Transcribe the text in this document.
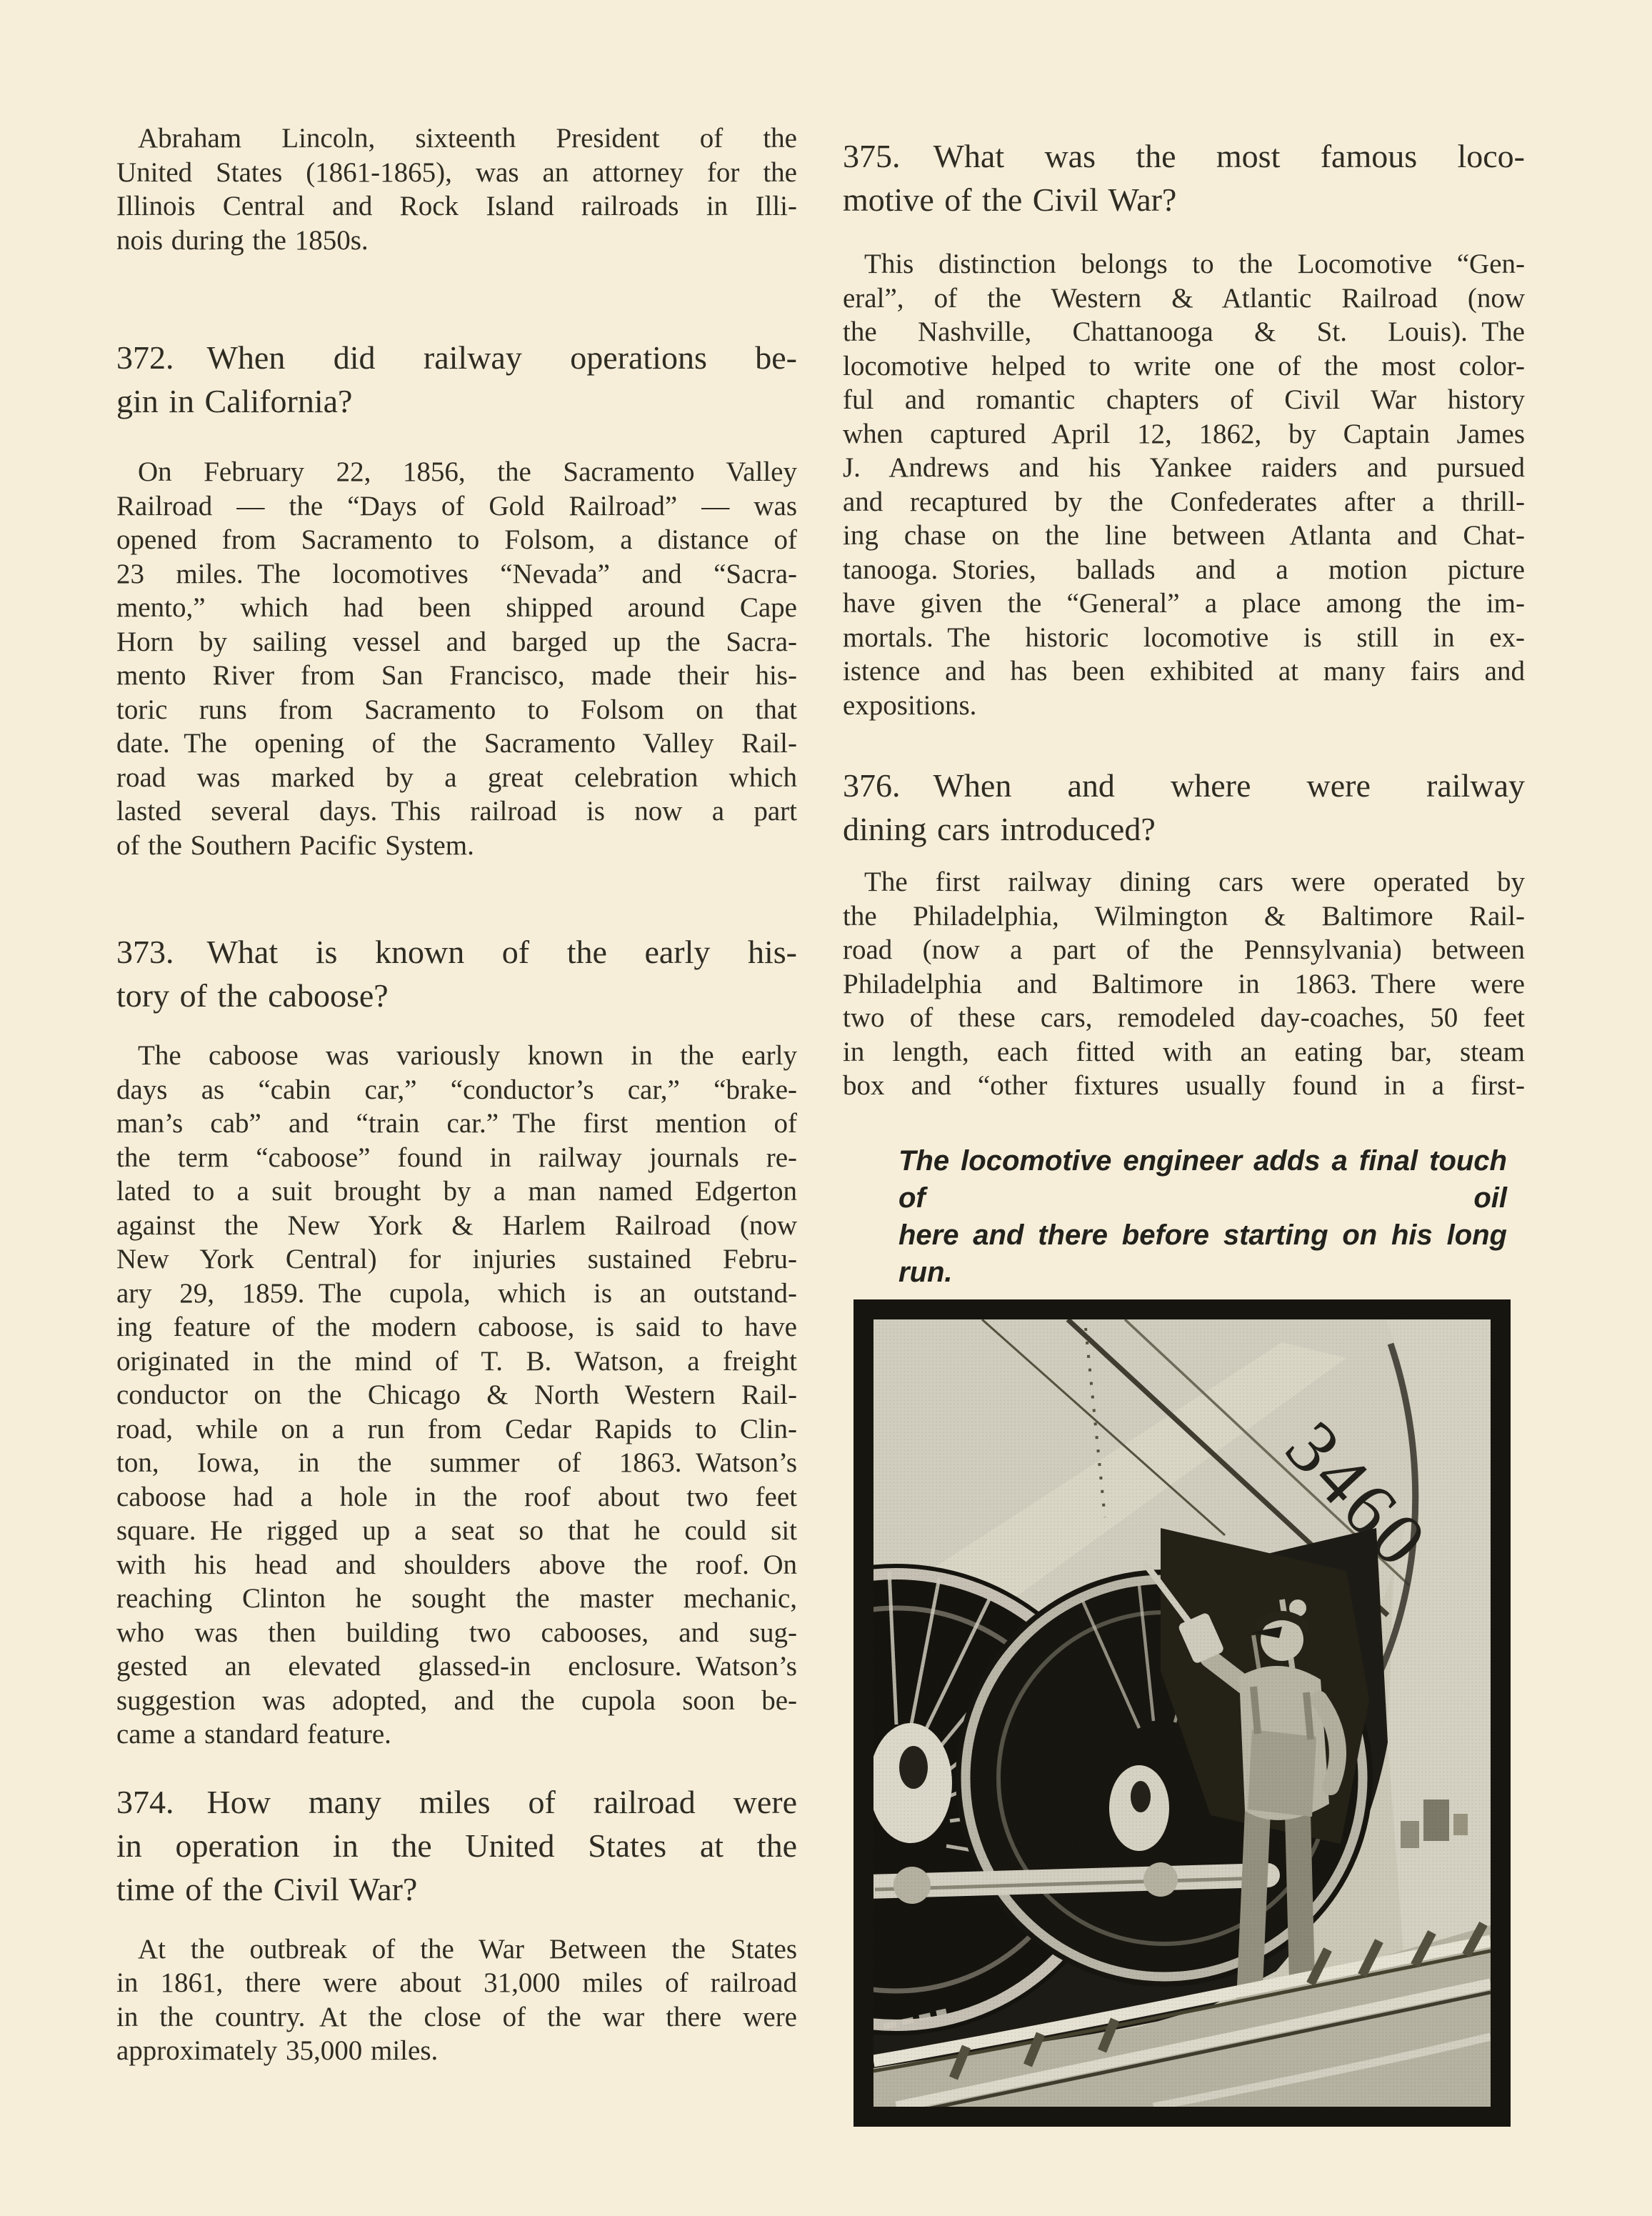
Abraham Lincoln, sixteenth President of the
United States (1861-1865), was an attorney for the
Illinois Central and Rock Island railroads in Illi-
nois during the 1850s.
372. When did railway operations be-
gin in California?
On February 22, 1856, the Sacramento Valley
Railroad — the “Days of Gold Railroad” — was
opened from Sacramento to Folsom, a distance of
23 miles. The locomotives “Nevada” and “Sacra-
mento,” which had been shipped around Cape
Horn by sailing vessel and barged up the Sacra-
mento River from San Francisco, made their his-
toric runs from Sacramento to Folsom on that
date. The opening of the Sacramento Valley Rail-
road was marked by a great celebration which
lasted several days. This railroad is now a part
of the Southern Pacific System.
373. What is known of the early his-
tory of the caboose?
The caboose was variously known in the early
days as “cabin car,” “conductor’s car,” “brake-
man’s cab” and “train car.” The first mention of
the term “caboose” found in railway journals re-
lated to a suit brought by a man named Edgerton
against the New York & Harlem Railroad (now
New York Central) for injuries sustained Febru-
ary 29, 1859. The cupola, which is an outstand-
ing feature of the modern caboose, is said to have
originated in the mind of T. B. Watson, a freight
conductor on the Chicago & North Western Rail-
road, while on a run from Cedar Rapids to Clin-
ton, Iowa, in the summer of 1863. Watson’s
caboose had a hole in the roof about two feet
square. He rigged up a seat so that he could sit
with his head and shoulders above the roof. On
reaching Clinton he sought the master mechanic,
who was then building two cabooses, and sug-
gested an elevated glassed-in enclosure. Watson’s
suggestion was adopted, and the cupola soon be-
came a standard feature.
374. How many miles of railroad were
in operation in the United States at the
time of the Civil War?
At the outbreak of the War Between the States
in 1861, there were about 31,000 miles of railroad
in the country. At the close of the war there were
approximately 35,000 miles.
375. What was the most famous loco-
motive of the Civil War?
This distinction belongs to the Locomotive “Gen-
eral”, of the Western & Atlantic Railroad (now
the Nashville, Chattanooga & St. Louis). The
locomotive helped to write one of the most color-
ful and romantic chapters of Civil War history
when captured April 12, 1862, by Captain James
J. Andrews and his Yankee raiders and pursued
and recaptured by the Confederates after a thrill-
ing chase on the line between Atlanta and Chat-
tanooga. Stories, ballads and a motion picture
have given the “General” a place among the im-
mortals. The historic locomotive is still in ex-
istence and has been exhibited at many fairs and
expositions.
376. When and where were railway
dining cars introduced?
The first railway dining cars were operated by
the Philadelphia, Wilmington & Baltimore Rail-
road (now a part of the Pennsylvania) between
Philadelphia and Baltimore in 1863. There were
two of these cars, remodeled day-coaches, 50 feet
in length, each fitted with an eating bar, steam
box and “other fixtures usually found in a first-
The locomotive engineer adds a final touch of oil
here and there before starting on his long run.
